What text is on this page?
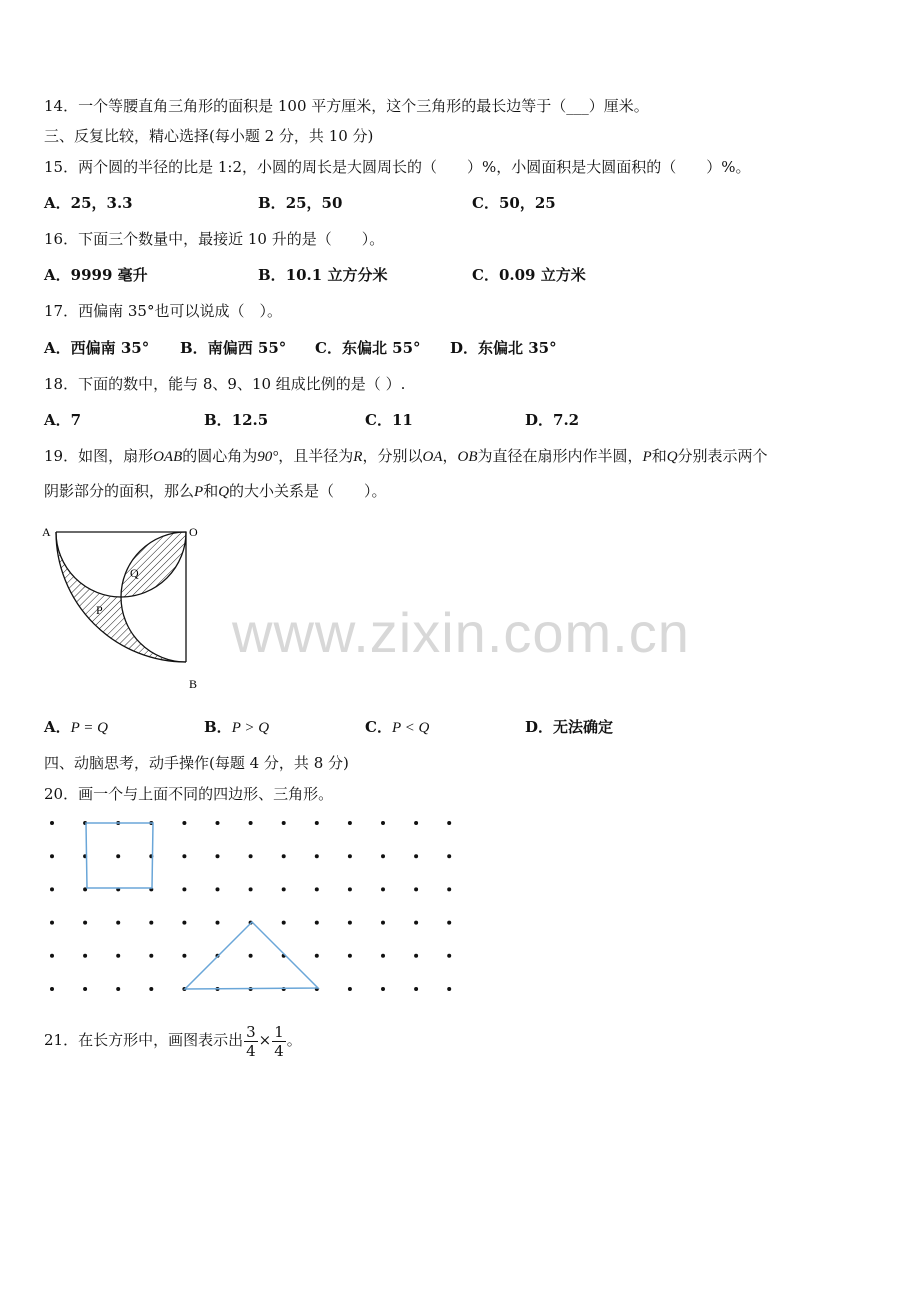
www.zixin.com.cn
14．一个等腰直角三角形的面积是 100 平方厘米，这个三角形的最长边等于（___）厘米。
三、反复比较，精心选择(每小题 2 分，共 10 分)
15．两个圆的半径的比是 1:2，小圆的周长是大圆周长的（　　）%，小圆面积是大圆面积的（　　）%。
A．25，3.3	B．25，50	C．50，25
16．下面三个数量中，最接近 10 升的是（　　）。
A．9999 毫升	B．10.1 立方分米	C．0.09 立方米
17．西偏南 35°也可以说成（　）。
A．西偏南 35° B．南偏西 55° C．东偏北 55° D．东偏北 35°
18．下面的数中，能与 8、9、10 组成比例的是（ ）.
A．7	B．12.5	C．11	D．7.2
19．如图，扇形OAB的圆心角为90°，且半径为R，分别以OA，OB为直径在扇形内作半圆，P和Q分别表示两个
阴影部分的面积，那么P和Q的大小关系是（　　）。
A	O
B
Q
P
A．P = Q	B．P > Q	C．P < Q	D．无法确定
四、动脑思考，动手操作(每题 4 分，共 8 分)
20．画一个与上面不同的四边形、三角形。
21．在长方形中，画图表示出 $\frac{3}{4} \times \frac{1}{4}$ 。
